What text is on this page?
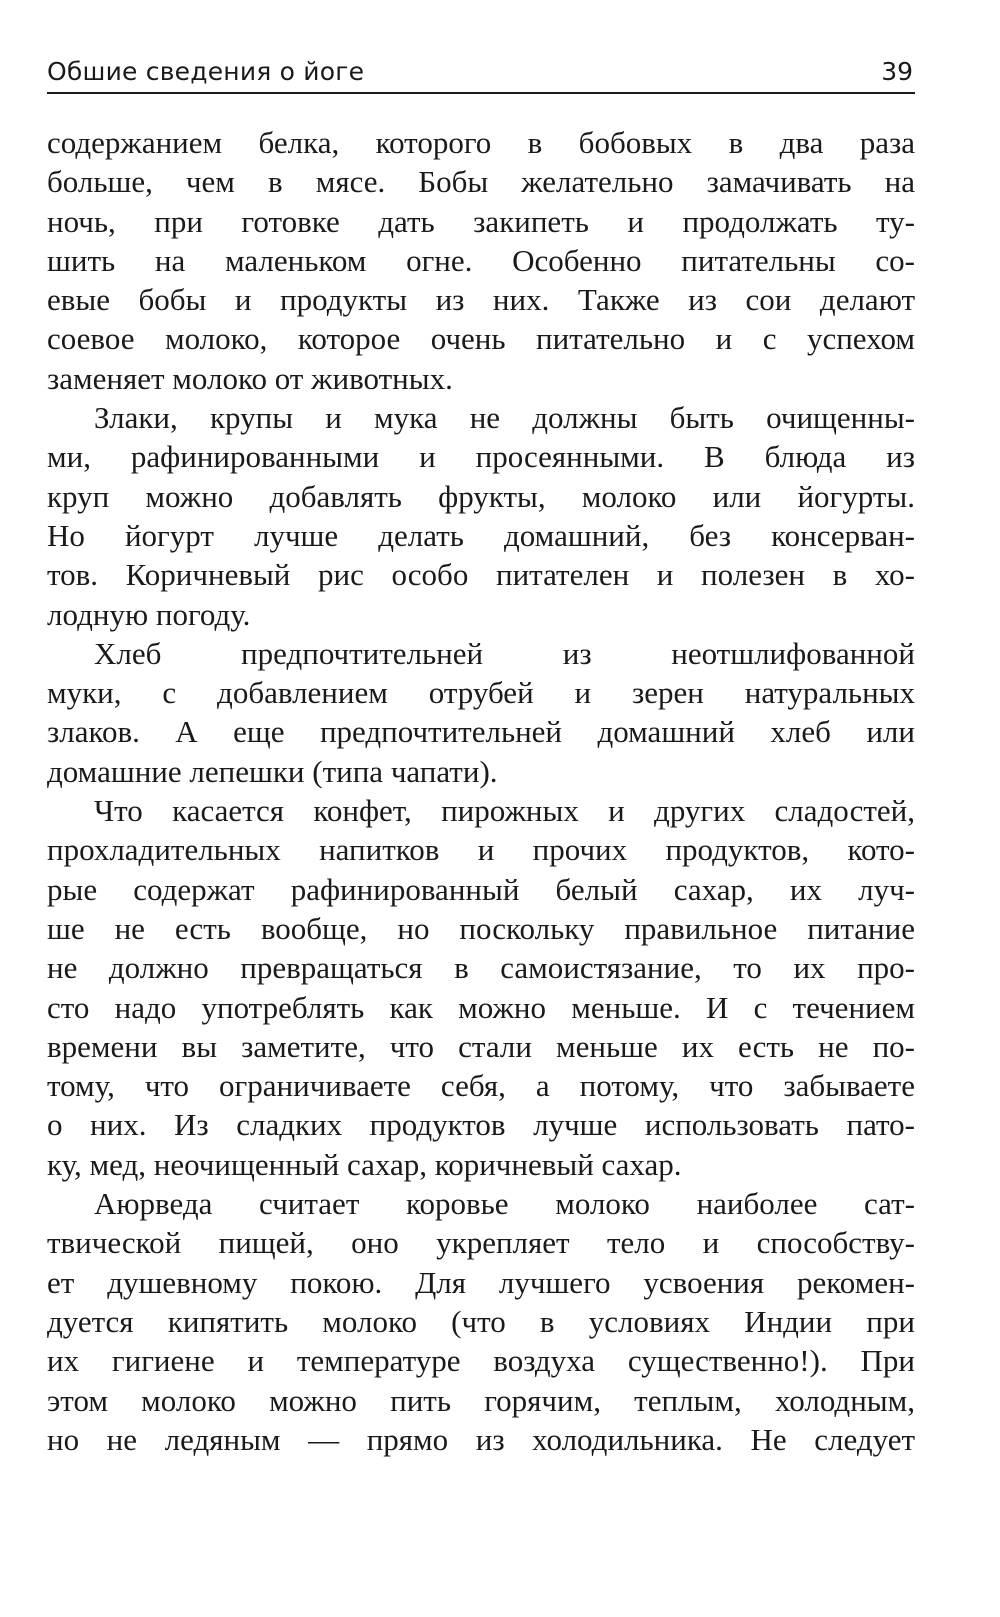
Обшие сведения о йоге	39
содержанием белка, которого в бобовых в два раза
больше, чем в мясе. Бобы желательно замачивать на
ночь, при готовке дать закипеть и продолжать ту-
шить на маленьком огне. Особенно питательны со-
евые бобы и продукты из них. Также из сои делают
соевое молоко, которое очень питательно и с успехом
заменяет молоко от животных.
Злаки, крупы и мука не должны быть очищенны-
ми, рафинированными и просеянными. В блюда из
круп можно добавлять фрукты, молоко или йогурты.
Но йогурт лучше делать домашний, без консерван-
тов. Коричневый рис особо питателен и полезен в хо-
лодную погоду.
Хлеб предпочтительней из неотшлифованной
муки, с добавлением отрубей и зерен натуральных
злаков. А еще предпочтительней домашний хлеб или
домашние лепешки (типа чапати).
Что касается конфет, пирожных и других сладостей,
прохладительных напитков и прочих продуктов, кото-
рые содержат рафинированный белый сахар, их луч-
ше не есть вообще, но поскольку правильное питание
не должно превращаться в самоистязание, то их про-
сто надо употреблять как можно меньше. И с течением
времени вы заметите, что стали меньше их есть не по-
тому, что ограничиваете себя, а потому, что забываете
о них. Из сладких продуктов лучше использовать пато-
ку, мед, неочищенный сахар, коричневый сахар.
Аюрведа считает коровье молоко наиболее сат-
твической пищей, оно укрепляет тело и способству-
ет душевному покою. Для лучшего усвоения рекомен-
дуется кипятить молоко (что в условиях Индии при
их гигиене и температуре воздуха существенно!). При
этом молоко можно пить горячим, теплым, холодным,
но не ледяным — прямо из холодильника. Не следует
